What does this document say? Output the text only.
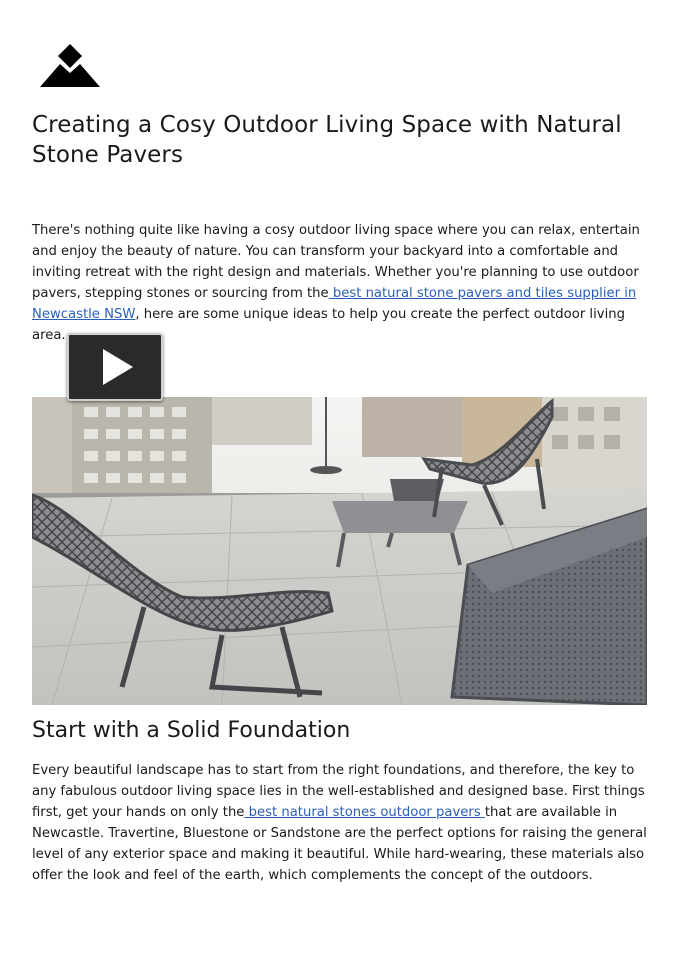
Creating a Cosy Outdoor Living Space with Natural Stone Pavers

There's nothing quite like having a cosy outdoor living space where you can relax, entertain and enjoy the beauty of nature. You can transform your backyard into a comfortable and inviting retreat with the right design and materials. Whether you're planning to use outdoor pavers, stepping stones or sourcing from the best natural stone pavers and tiles supplier in Newcastle NSW, here are some unique ideas to help you create the perfect outdoor living area.

Start with a Solid Foundation

Every beautiful landscape has to start from the right foundations, and therefore, the key to any fabulous outdoor living space lies in the well-established and designed base. First things first, get your hands on only the best natural stones outdoor pavers that are available in Newcastle. Travertine, Bluestone or Sandstone are the perfect options for raising the general level of any exterior space and making it beautiful. While hard-wearing, these materials also offer the look and feel of the earth, which complements the concept of the outdoors.
